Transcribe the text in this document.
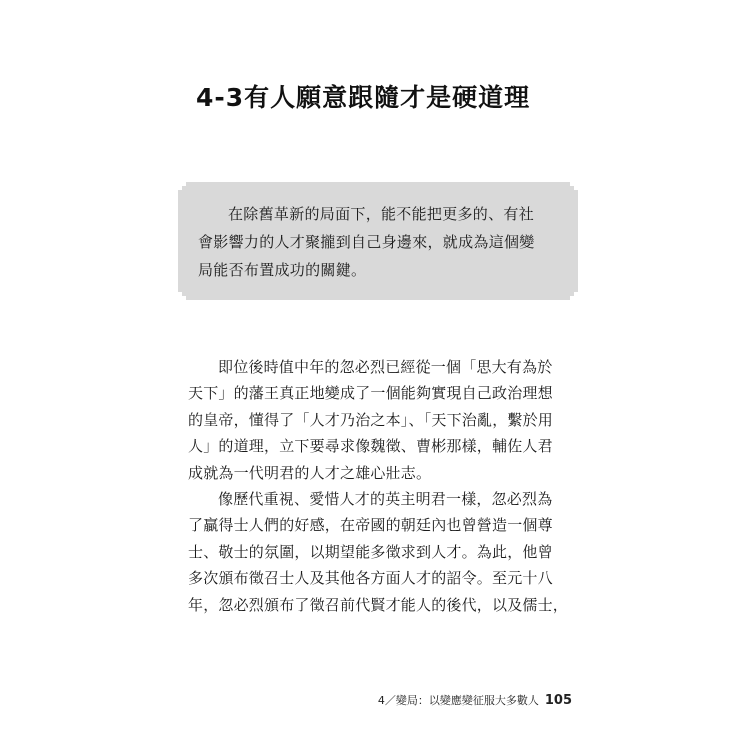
4-3有人願意跟隨才是硬道理
在除舊革新的局面下，能不能把更多的、有社
會影響力的人才聚攏到自己身邊來，就成為這個變
局能否布置成功的關鍵。
即位後時值中年的忽必烈已經從一個「思大有為於
天下」的藩王真正地變成了一個能夠實現自己政治理想
的皇帝，懂得了「人才乃治之本」、「天下治亂，繫於用
人」的道理，立下要尋求像魏徵、曹彬那樣，輔佐人君
成就為一代明君的人才之雄心壯志。
像歷代重視、愛惜人才的英主明君一樣，忽必烈為
了贏得士人們的好感，在帝國的朝廷內也曾營造一個尊
士、敬士的氛圍，以期望能多徵求到人才。為此，他曾
多次頒布徵召士人及其他各方面人才的詔令。至元十八
年，忽必烈頒布了徵召前代賢才能人的後代，以及儒士，
4／變局：以變應變征服大多數人 105
